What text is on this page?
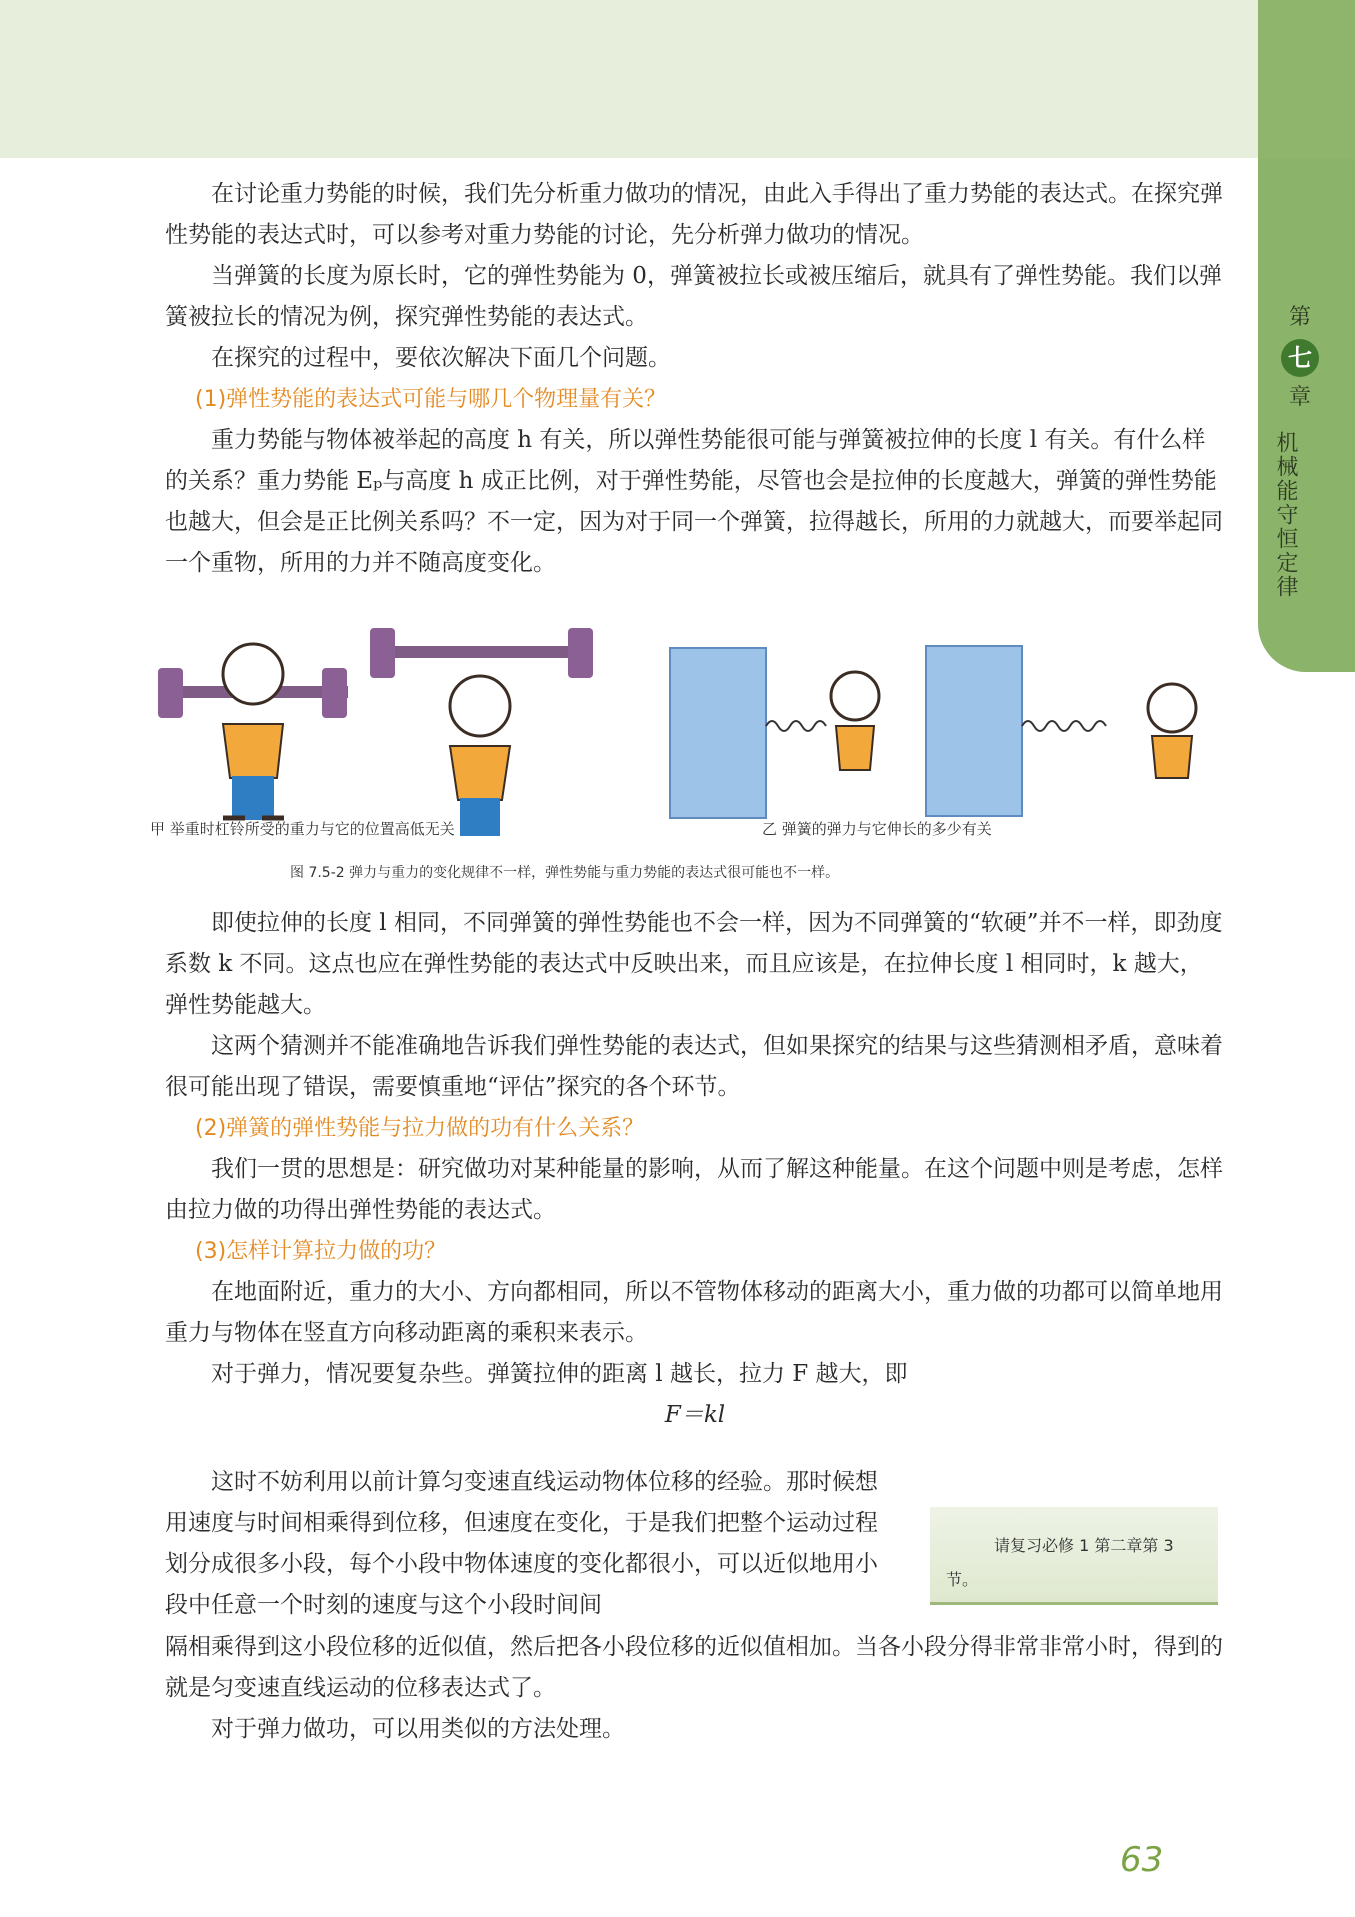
第
七
章
机械能守恒定律

在讨论重力势能的时候，我们先分析重力做功的情况，由此入手得出了重力势能的表达式。在探究弹性势能的表达式时，可以参考对重力势能的讨论，先分析弹力做功的情况。

当弹簧的长度为原长时，它的弹性势能为 0，弹簧被拉长或被压缩后，就具有了弹性势能。我们以弹簧被拉长的情况为例，探究弹性势能的表达式。

在探究的过程中，要依次解决下面几个问题。

(1)弹性势能的表达式可能与哪几个物理量有关？

重力势能与物体被举起的高度 h 有关，所以弹性势能很可能与弹簧被拉伸的长度 l 有关。有什么样的关系？重力势能 Eₚ与高度 h 成正比例，对于弹性势能，尽管也会是拉伸的长度越大，弹簧的弹性势能也越大，但会是正比例关系吗？不一定，因为对于同一个弹簧，拉得越长，所用的力就越大，而要举起同一个重物，所用的力并不随高度变化。

甲 举重时杠铃所受的重力与它的位置高低无关	乙 弹簧的弹力与它伸长的多少有关
图 7.5-2 弹力与重力的变化规律不一样，弹性势能与重力势能的表达式很可能也不一样。

即使拉伸的长度 l 相同，不同弹簧的弹性势能也不会一样，因为不同弹簧的“软硬”并不一样，即劲度系数 k 不同。这点也应在弹性势能的表达式中反映出来，而且应该是，在拉伸长度 l 相同时，k 越大，弹性势能越大。

这两个猜测并不能准确地告诉我们弹性势能的表达式，但如果探究的结果与这些猜测相矛盾，意味着很可能出现了错误，需要慎重地“评估”探究的各个环节。

(2)弹簧的弹性势能与拉力做的功有什么关系？

我们一贯的思想是：研究做功对某种能量的影响，从而了解这种能量。在这个问题中则是考虑，怎样由拉力做的功得出弹性势能的表达式。

(3)怎样计算拉力做的功？

在地面附近，重力的大小、方向都相同，所以不管物体移动的距离大小，重力做的功都可以简单地用重力与物体在竖直方向移动距离的乘积来表示。

对于弹力，情况要复杂些。弹簧拉伸的距离 l 越长，拉力 F 越大，即

F＝kl

这时不妨利用以前计算匀变速直线运动物体位移的经验。那时候想用速度与时间相乘得到位移，但速度在变化，于是我们把整个运动过程划分成很多小段，每个小段中物体速度的变化都很小，可以近似地用小段中任意一个时刻的速度与这个小段时间间

请复习必修 1 第二章第 3 节。

隔相乘得到这小段位移的近似值，然后把各小段位移的近似值相加。当各小段分得非常非常小时，得到的就是匀变速直线运动的位移表达式了。

对于弹力做功，可以用类似的方法处理。

63
